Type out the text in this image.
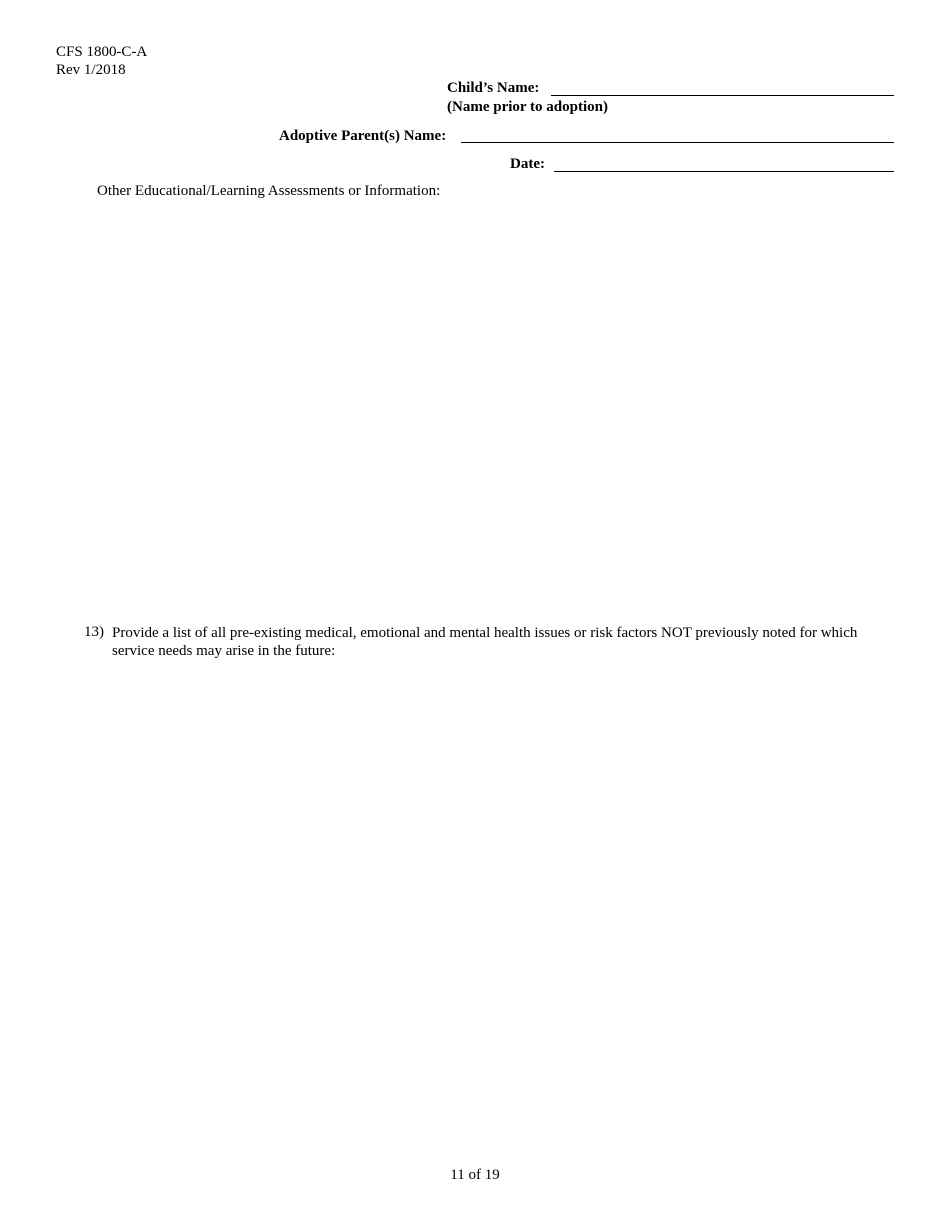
CFS 1800-C-A
Rev 1/2018
Child’s Name:
(Name prior to adoption)
Adoptive Parent(s) Name:
Date:
Other Educational/Learning Assessments or Information:
13) Provide a list of all pre-existing medical, emotional and mental health issues or risk factors NOT previously noted for which service needs may arise in the future:
11 of 19
